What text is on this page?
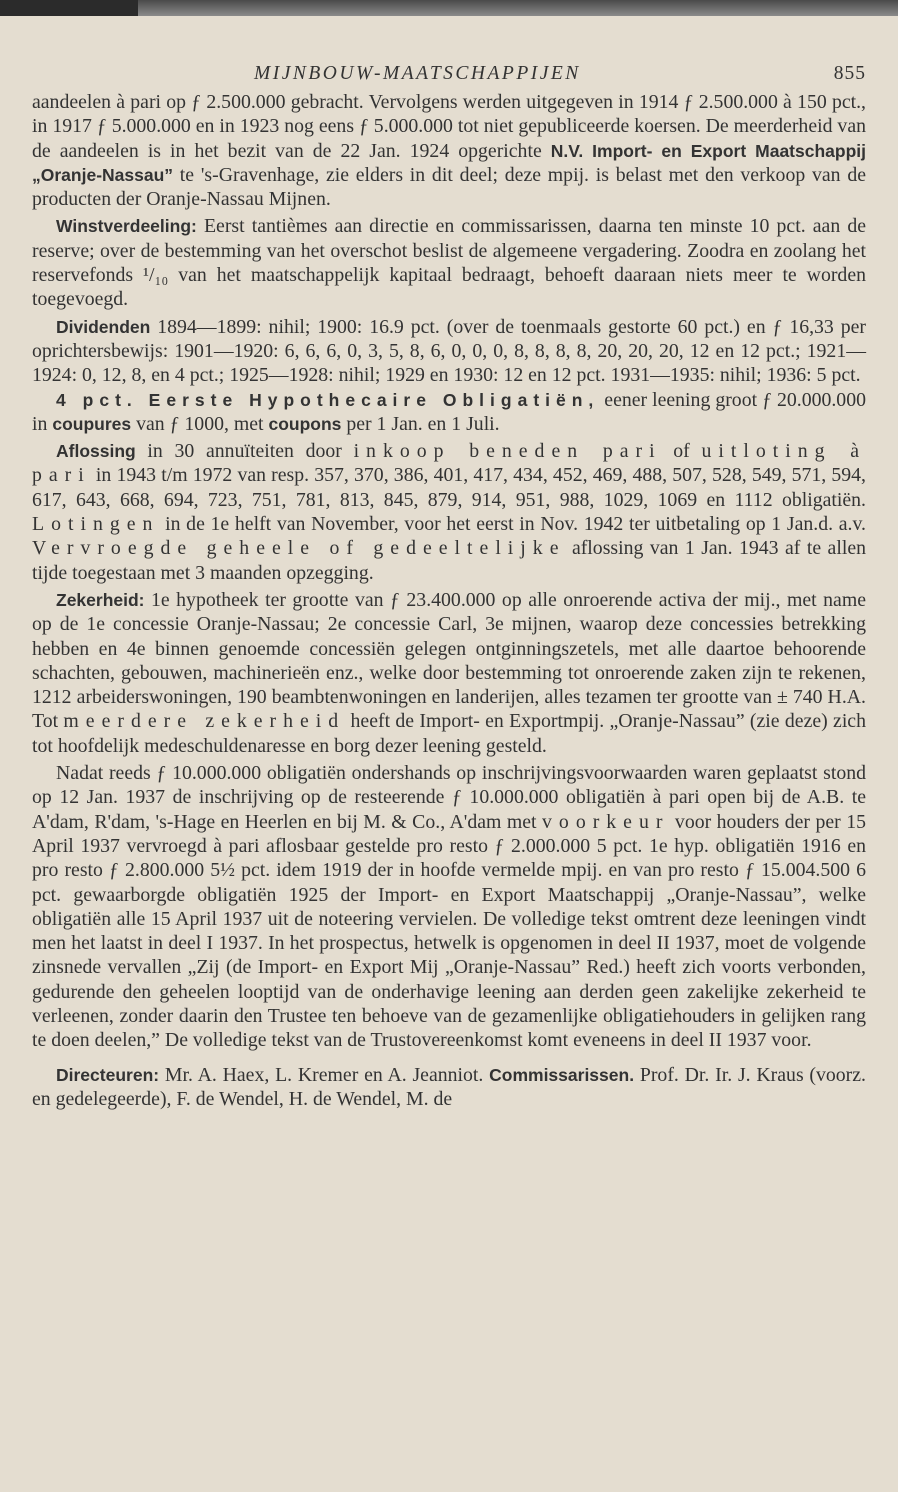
MIJNBOUW-MAATSCHAPPIJEN	855

aandeelen à pari op ƒ 2.500.000 gebracht. Vervolgens werden uitgegeven in 1914 ƒ 2.500.000 à 150 pct., in 1917 ƒ 5.000.000 en in 1923 nog eens ƒ 5.000.000 tot niet gepubliceerde koersen. De meerderheid van de aandeelen is in het bezit van de 22 Jan. 1924 opgerichte N.V. Import- en Export Maatschappij „Oranje-Nassau” te 's-Gravenhage, zie elders in dit deel; deze mpij. is belast met den verkoop van de producten der Oranje-Nassau Mijnen.

Winstverdeeling: Eerst tantièmes aan directie en commissarissen, daarna ten minste 10 pct. aan de reserve; over de bestemming van het overschot beslist de algemeene vergadering. Zoodra en zoolang het reservefonds ¹/₁₀ van het maatschappelijk kapitaal bedraagt, behoeft daaraan niets meer te worden toegevoegd.

Dividenden 1894—1899: nihil; 1900: 16.9 pct. (over de toenmaals gestorte 60 pct.) en ƒ 16,33 per oprichtersbewijs: 1901—1920: 6, 6, 6, 0, 3, 5, 8, 6, 0, 0, 0, 8, 8, 8, 8, 20, 20, 20, 12 en 12 pct.; 1921—1924: 0, 12, 8, en 4 pct.; 1925—1928: nihil; 1929 en 1930: 12 en 12 pct. 1931—1935: nihil; 1936: 5 pct.

4 pct. Eerste Hypothecaire Obligatiën, eener leening groot ƒ 20.000.000 in coupures van ƒ 1000, met coupons per 1 Jan. en 1 Juli.

Aflossing in 30 annuïteiten door inkoop beneden pari of uitloting à pari in 1943 t/m 1972 van resp. 357, 370, 386, 401, 417, 434, 452, 469, 488, 507, 528, 549, 571, 594, 617, 643, 668, 694, 723, 751, 781, 813, 845, 879, 914, 951, 988, 1029, 1069 en 1112 obligatiën. Lotingen in de 1e helft van November, voor het eerst in Nov. 1942 ter uitbetaling op 1 Jan.d. a.v. Vervroegde geheele of gedeeltelijke aflossing van 1 Jan. 1943 af te allen tijde toegestaan met 3 maanden opzegging.

Zekerheid: 1e hypotheek ter grootte van ƒ 23.400.000 op alle onroerende activa der mij., met name op de 1e concessie Oranje-Nassau; 2e concessie Carl, 3e mijnen, waarop deze concessies betrekking hebben en 4e binnen genoemde concessiën gelegen ontginningszetels, met alle daartoe behoorende schachten, gebouwen, machinerieën enz., welke door bestemming tot onroerende zaken zijn te rekenen, 1212 arbeiderswoningen, 190 beambtenwoningen en landerijen, alles tezamen ter grootte van ± 740 H.A. Tot meerdere zekerheid heeft de Import- en Exportmpij. „Oranje-Nassau” (zie deze) zich tot hoofdelijk medeschuldenaresse en borg dezer leening gesteld.

Nadat reeds ƒ 10.000.000 obligatiën ondershands op inschrijvingsvoorwaarden waren geplaatst stond op 12 Jan. 1937 de inschrijving op de resteerende ƒ 10.000.000 obligatiën à pari open bij de A.B. te A'dam, R'dam, 's-Hage en Heerlen en bij M. & Co., A'dam met voorkeur voor houders der per 15 April 1937 vervroegd à pari aflosbaar gestelde pro resto ƒ 2.000.000 5 pct. 1e hyp. obligatiën 1916 en pro resto ƒ 2.800.000 5½ pct. idem 1919 der in hoofde vermelde mpij. en van pro resto ƒ 15.004.500 6 pct. gewaarborgde obligatiën 1925 der Import- en Export Maatschappij „Oranje-Nassau”, welke obligatiën alle 15 April 1937 uit de noteering vervielen. De volledige tekst omtrent deze leeningen vindt men het laatst in deel I 1937. In het prospectus, hetwelk is opgenomen in deel II 1937, moet de volgende zinsnede vervallen „Zij (de Import- en Export Mij „Oranje-Nassau” Red.) heeft zich voorts verbonden, gedurende den geheelen looptijd van de onderhavige leening aan derden geen zakelijke zekerheid te verleenen, zonder daarin den Trustee ten behoeve van de gezamenlijke obligatiehouders in gelijken rang te doen deelen,” De volledige tekst van de Trustovereenkomst komt eveneens in deel II 1937 voor.

Directeuren: Mr. A. Haex, L. Kremer en A. Jeanniot. Commissarissen. Prof. Dr. Ir. J. Kraus (voorz. en gedelegeerde), F. de Wendel, H. de Wendel, M. de
